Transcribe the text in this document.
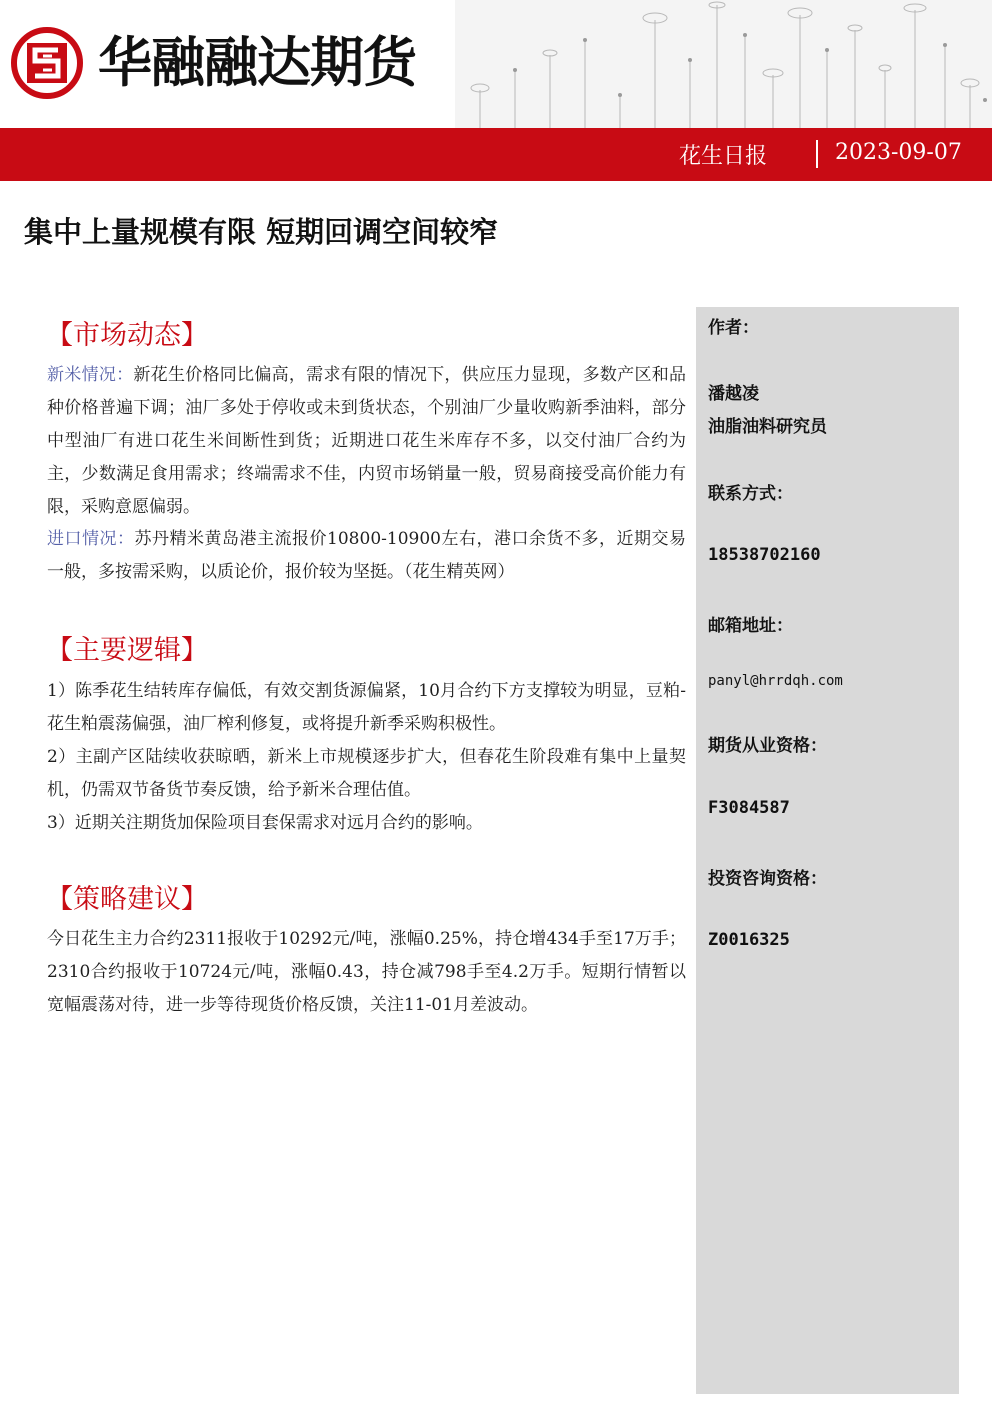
华融融达期货
花生日报	2023-09-07
集中上量规模有限 短期回调空间较窄
【市场动态】

新米情况：新花生价格同比偏高，需求有限的情况下，供应压力显现，多数产区和品种价格普遍下调；油厂多处于停收或未到货状态，个别油厂少量收购新季油料，部分中型油厂有进口花生米间断性到货；近期进口花生米库存不多，以交付油厂合约为主，少数满足食用需求；终端需求不佳，内贸市场销量一般，贸易商接受高价能力有限，采购意愿偏弱。

进口情况：苏丹精米黄岛港主流报价10800-10900左右，港口余货不多，近期交易一般，多按需采购，以质论价，报价较为坚挺。（花生精英网）

【主要逻辑】

1）陈季花生结转库存偏低，有效交割货源偏紧，10月合约下方支撑较为明显，豆粕-花生粕震荡偏强，油厂榨利修复，或将提升新季采购积极性。

2）主副产区陆续收获晾晒，新米上市规模逐步扩大，但春花生阶段难有集中上量契机，仍需双节备货节奏反馈，给予新米合理估值。

3）近期关注期货加保险项目套保需求对远月合约的影响。

【策略建议】

今日花生主力合约2311报收于10292元/吨，涨幅0.25%，持仓增434手至17万手；2310合约报收于10724元/吨，涨幅0.43，持仓减798手至4.2万手。短期行情暂以宽幅震荡对待，进一步等待现货价格反馈，关注11-01月差波动。

作者：
潘越凌
油脂油料研究员
联系方式：
18538702160
邮箱地址：
panyl@hrrdqh.com
期货从业资格：
F3084587
投资咨询资格：
Z0016325
